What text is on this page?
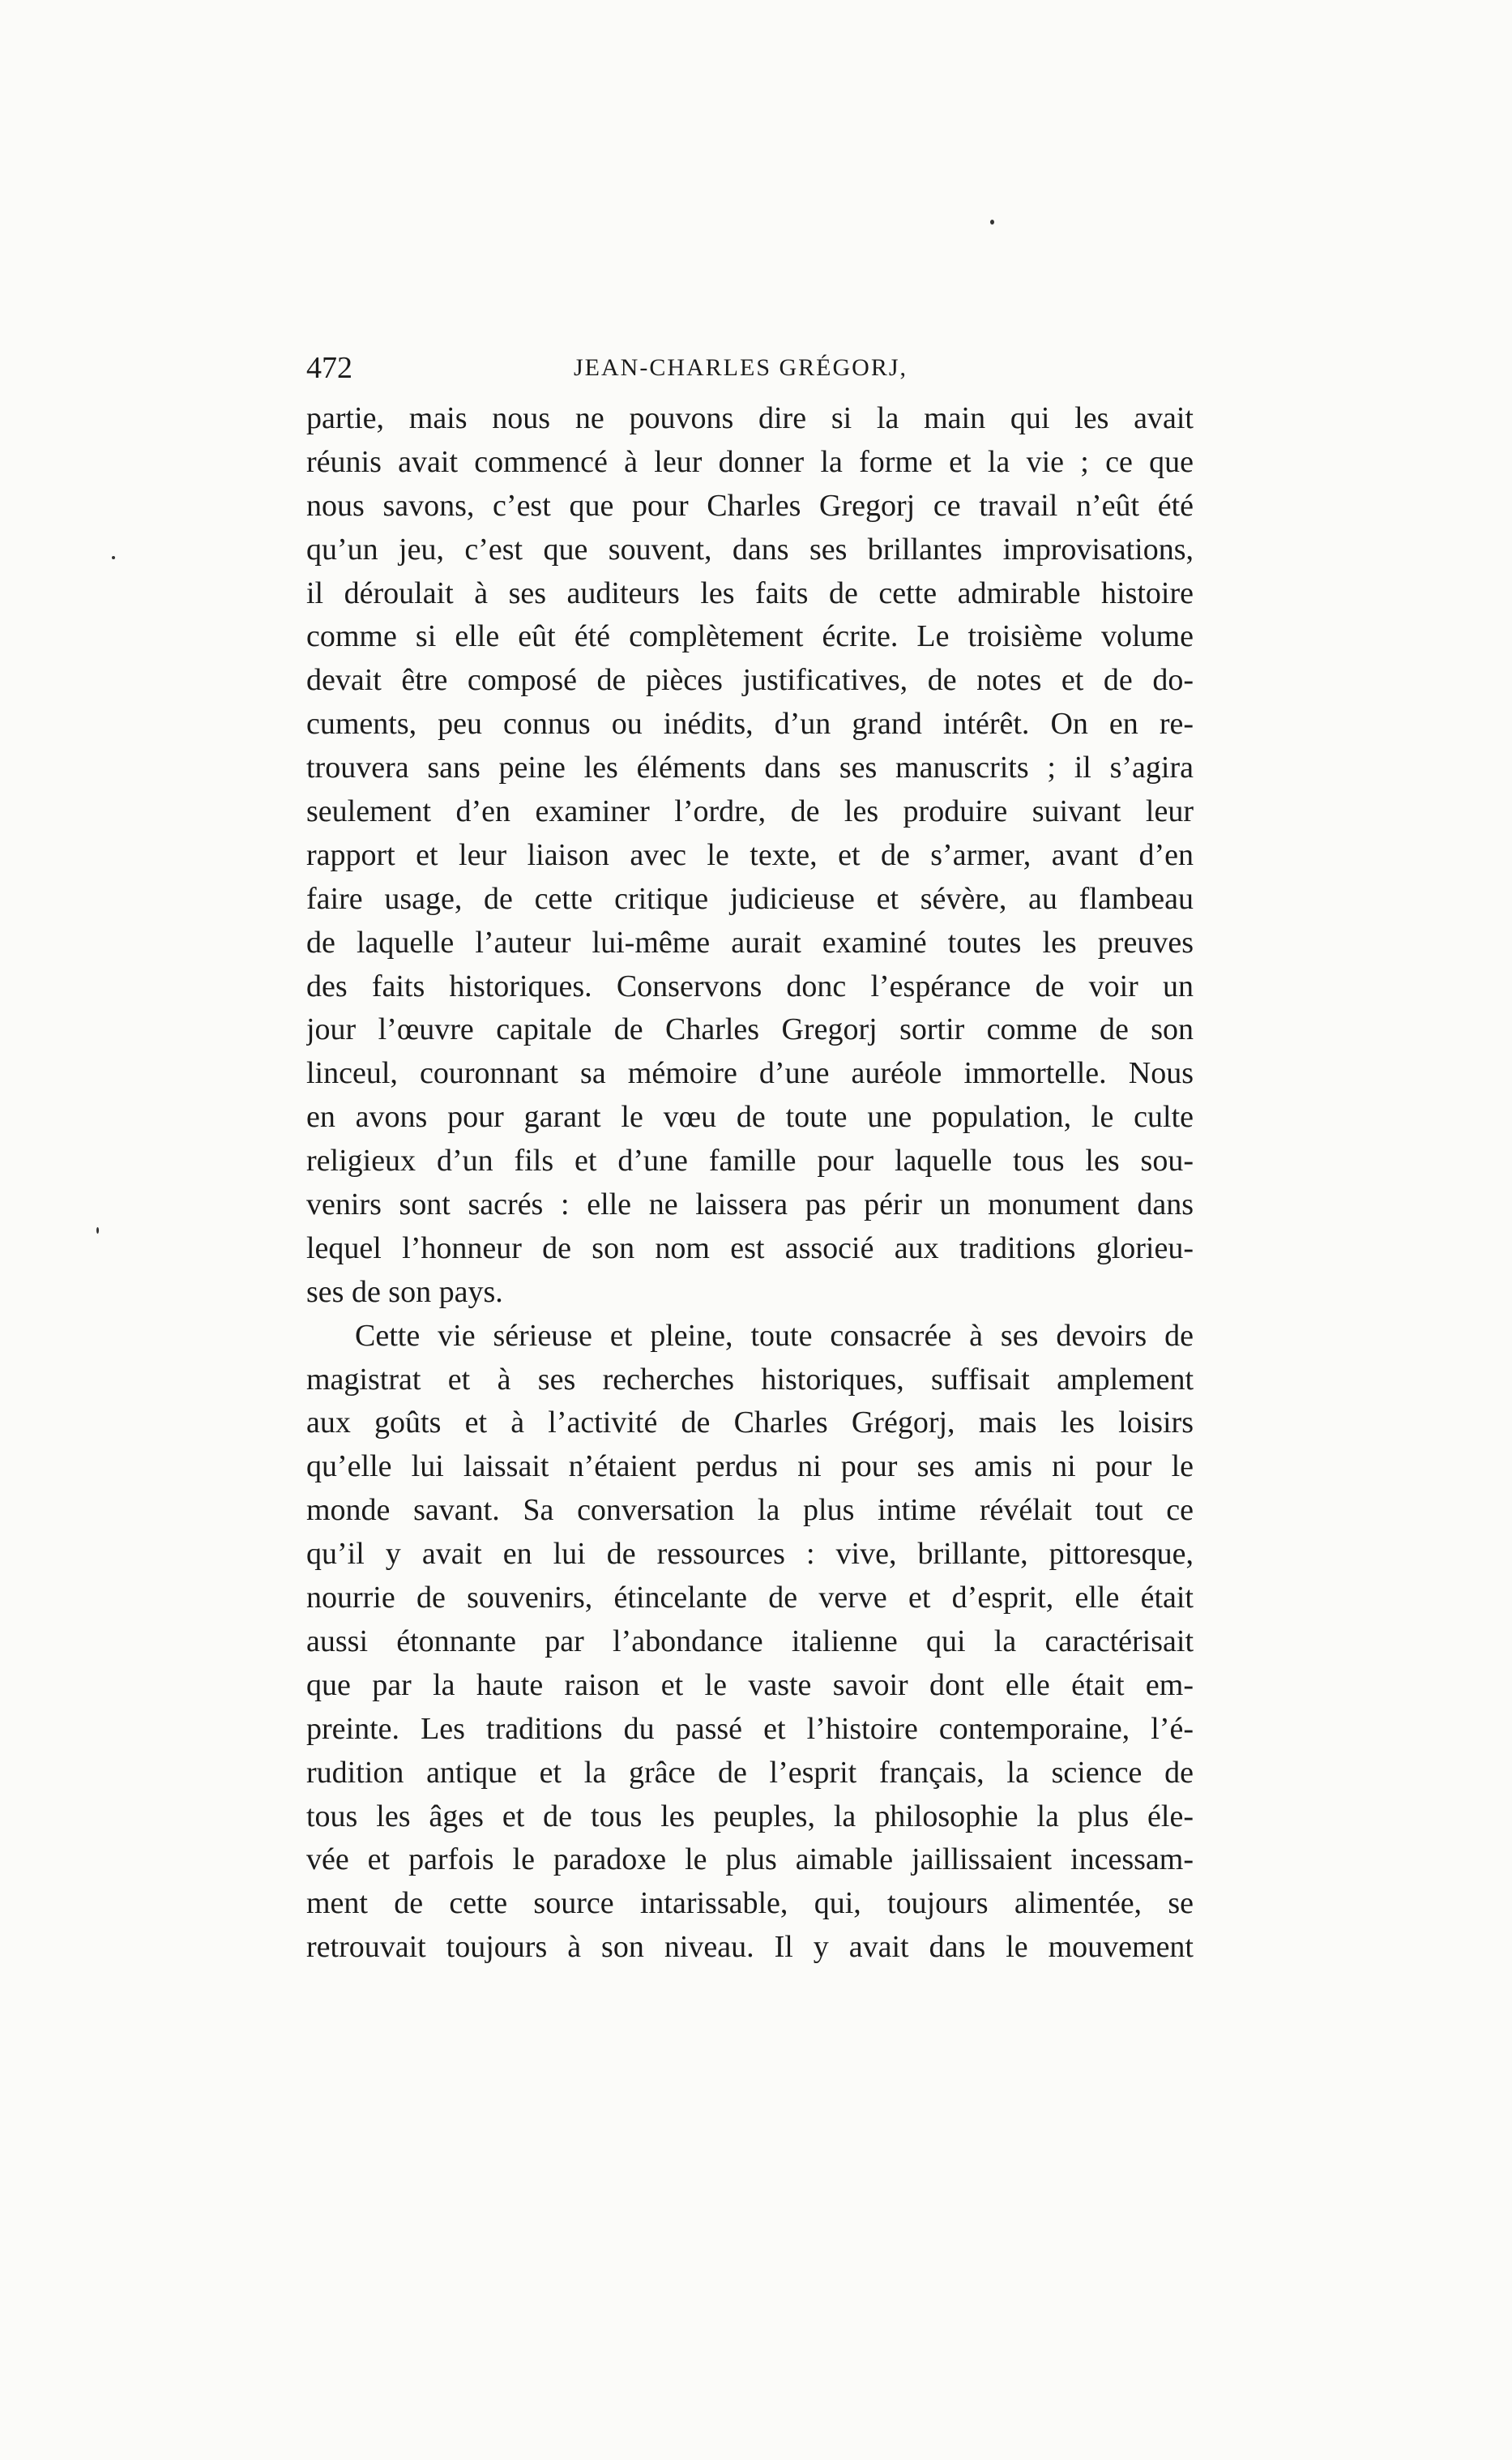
472	JEAN-CHARLES GRÉGORJ,
partie, mais nous ne pouvons dire si la main qui les avait
réunis avait commencé à leur donner la forme et la vie ; ce que
nous savons, c’est que pour Charles Gregorj ce travail n’eût été
qu’un jeu, c’est que souvent, dans ses brillantes improvisations,
il déroulait à ses auditeurs les faits de cette admirable histoire
comme si elle eût été complètement écrite. Le troisième volume
devait être composé de pièces justificatives, de notes et de do-
cuments, peu connus ou inédits, d’un grand intérêt. On en re-
trouvera sans peine les éléments dans ses manuscrits ; il s’agira
seulement d’en examiner l’ordre, de les produire suivant leur
rapport et leur liaison avec le texte, et de s’armer, avant d’en
faire usage, de cette critique judicieuse et sévère, au flambeau
de laquelle l’auteur lui-même aurait examiné toutes les preuves
des faits historiques. Conservons donc l’espérance de voir un
jour l’œuvre capitale de Charles Gregorj sortir comme de son
linceul, couronnant sa mémoire d’une auréole immortelle. Nous
en avons pour garant le vœu de toute une population, le culte
religieux d’un fils et d’une famille pour laquelle tous les sou-
venirs sont sacrés : elle ne laissera pas périr un monument dans
lequel l’honneur de son nom est associé aux traditions glorieu-
ses de son pays.
Cette vie sérieuse et pleine, toute consacrée à ses devoirs de
magistrat et à ses recherches historiques, suffisait amplement
aux goûts et à l’activité de Charles Grégorj, mais les loisirs
qu’elle lui laissait n’étaient perdus ni pour ses amis ni pour le
monde savant. Sa conversation la plus intime révélait tout ce
qu’il y avait en lui de ressources : vive, brillante, pittoresque,
nourrie de souvenirs, étincelante de verve et d’esprit, elle était
aussi étonnante par l’abondance italienne qui la caractérisait
que par la haute raison et le vaste savoir dont elle était em-
preinte. Les traditions du passé et l’histoire contemporaine, l’é-
rudition antique et la grâce de l’esprit français, la science de
tous les âges et de tous les peuples, la philosophie la plus éle-
vée et parfois le paradoxe le plus aimable jaillissaient incessam-
ment de cette source intarissable, qui, toujours alimentée, se
retrouvait toujours à son niveau. Il y avait dans le mouvement
